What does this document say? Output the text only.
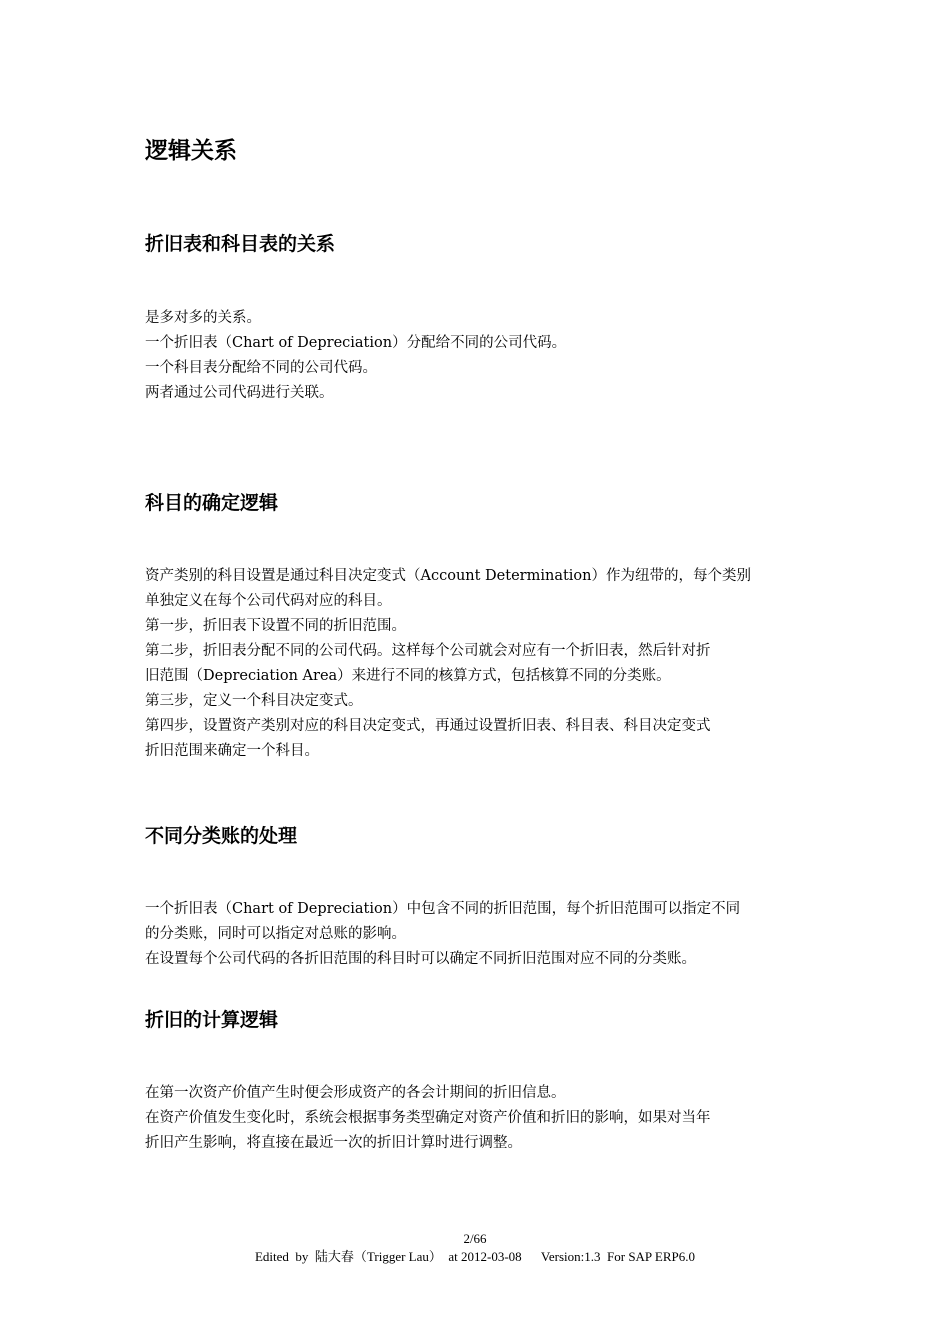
逻辑关系
折旧表和科目表的关系

是多对多的关系。

一个折旧表（Chart of Depreciation）分配给不同的公司代码。

一个科目表分配给不同的公司代码。

两者通过公司代码进行关联。

科目的确定逻辑

资产类别的科目设置是通过科目决定变式（Account Determination）作为纽带的，每个类别

单独定义在每个公司代码对应的科目。

第一步，折旧表下设置不同的折旧范围。

第二步，折旧表分配不同的公司代码。这样每个公司就会对应有一个折旧表，然后针对折

旧范围（Depreciation Area）来进行不同的核算方式，包括核算不同的分类账。

第三步，定义一个科目决定变式。

第四步，设置资产类别对应的科目决定变式，再通过设置折旧表、科目表、科目决定变式

折旧范围来确定一个科目。

不同分类账的处理

一个折旧表（Chart of Depreciation）中包含不同的折旧范围，每个折旧范围可以指定不同

的分类账，同时可以指定对总账的影响。

在设置每个公司代码的各折旧范围的科目时可以确定不同折旧范围对应不同的分类账。

折旧的计算逻辑

在第一次资产价值产生时便会形成资产的各会计期间的折旧信息。

在资产价值发生变化时，系统会根据事务类型确定对资产价值和折旧的影响，如果对当年

折旧产生影响，将直接在最近一次的折旧计算时进行调整。

2/66
Edited  by  陆大春（Trigger Lau）  at 2012-03-08      Version:1.3  For SAP ERP6.0
